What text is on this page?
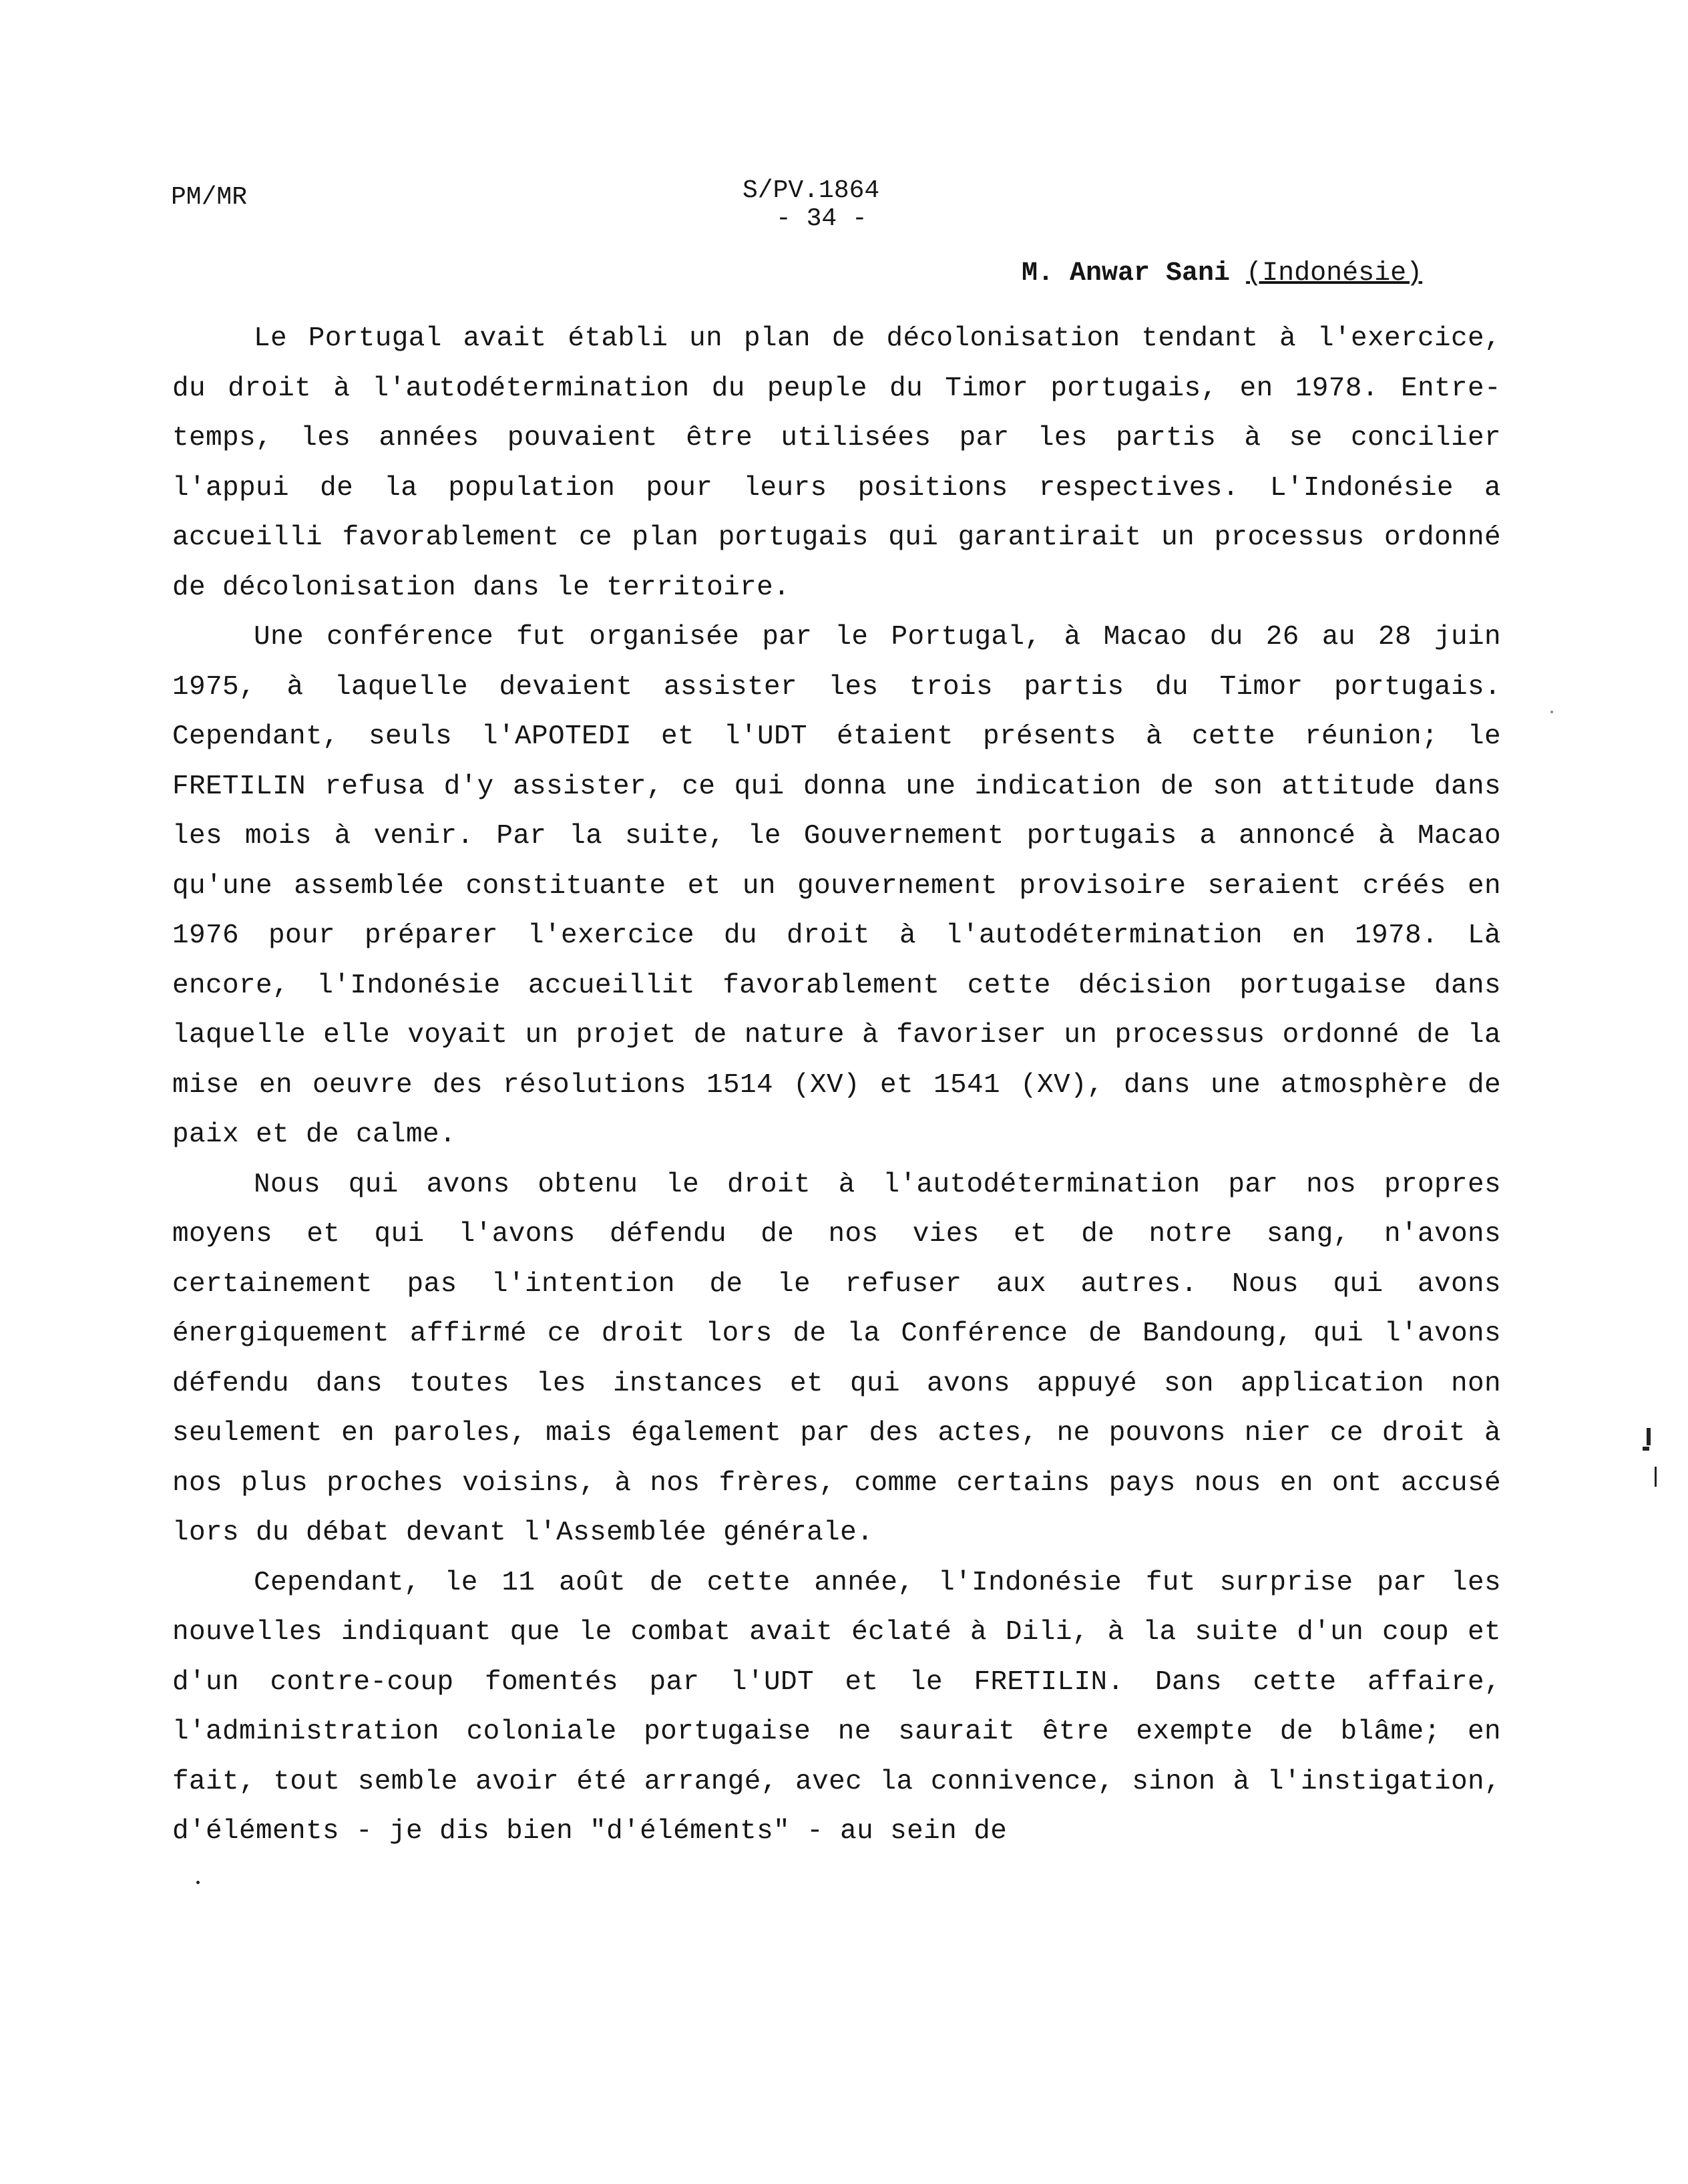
PM/MR	S/PV.1864
- 34 -
M. Anwar Sani (Indonésie)

Le Portugal avait établi un plan de décolonisation tendant à l'exercice, du droit à l'autodétermination du peuple du Timor portugais, en 1978. Entre-temps, les années pouvaient être utilisées par les partis à se concilier l'appui de la population pour leurs positions respectives. L'Indonésie a accueilli favorablement ce plan portugais qui garantirait un processus ordonné de décolonisation dans le territoire.

Une conférence fut organisée par le Portugal, à Macao du 26 au 28 juin 1975, à laquelle devaient assister les trois partis du Timor portugais. Cependant, seuls l'APOTEDI et l'UDT étaient présents à cette réunion; le FRETILIN refusa d'y assister, ce qui donna une indication de son attitude dans les mois à venir. Par la suite, le Gouvernement portugais a annoncé à Macao qu'une assemblée constituante et un gouvernement provisoire seraient créés en 1976 pour préparer l'exercice du droit à l'autodétermination en 1978. Là encore, l'Indonésie accueillit favorablement cette décision portugaise dans laquelle elle voyait un projet de nature à favoriser un processus ordonné de la mise en oeuvre des résolutions 1514 (XV) et 1541 (XV), dans une atmosphère de paix et de calme.

Nous qui avons obtenu le droit à l'autodétermination par nos propres moyens et qui l'avons défendu de nos vies et de notre sang, n'avons certainement pas l'intention de le refuser aux autres. Nous qui avons énergiquement affirmé ce droit lors de la Conférence de Bandoung, qui l'avons défendu dans toutes les instances et qui avons appuyé son application non seulement en paroles, mais également par des actes, ne pouvons nier ce droit à nos plus proches voisins, à nos frères, comme certains pays nous en ont accusé lors du débat devant l'Assemblée générale.

Cependant, le 11 août de cette année, l'Indonésie fut surprise par les nouvelles indiquant que le combat avait éclaté à Dili, à la suite d'un coup et d'un contre-coup fomentés par l'UDT et le FRETILIN. Dans cette affaire, l'administration coloniale portugaise ne saurait être exempte de blâme; en fait, tout semble avoir été arrangé, avec la connivence, sinon à l'instigation, d'éléments - je dis bien "d'éléments" - au sein de
